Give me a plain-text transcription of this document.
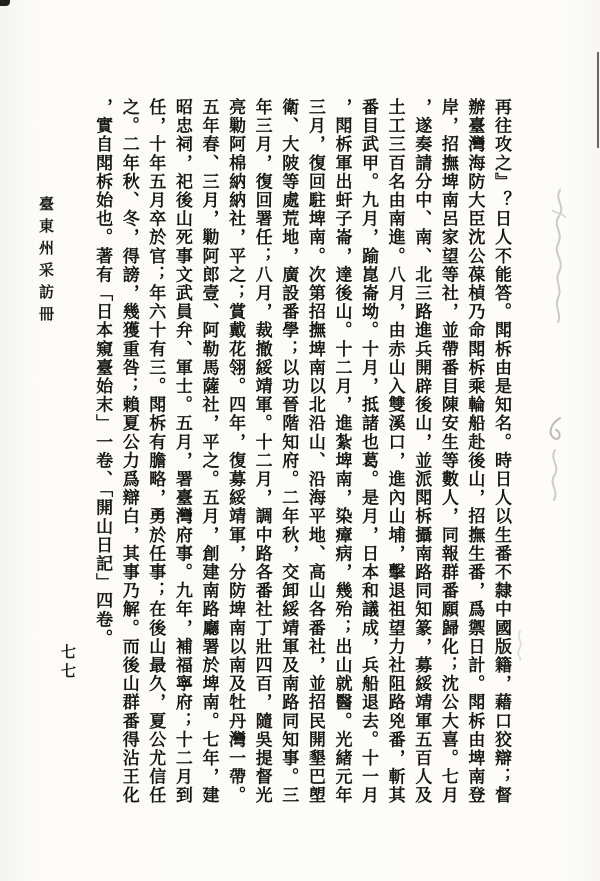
再往攻之』？日人不能答。閗柝由是知名。時日人以生番不隸中國版籍，藉口狡辯；督
辦臺灣海防大臣沈公葆楨乃命閗柝乘輪船赴後山，招撫生番，爲禦日計。閗柝由埤南登
岸，招撫埤南呂家望等社，並帶番目陳安生等數人，同報群番願歸化；沈公大喜。七月
，遂奏請分中、南、北三路進兵開辟後山，並派閗柝攝南路同知篆，募綏靖軍五百人及
土工三百名由南進。八月，由赤山入雙溪口，進內山埔，擊退祖望力社阻路兇番，斬其
番目武甲。九月，踰崑崙坳。十月，抵諸也葛。是月，日本和議成，兵船退去。十一月
，閗柝軍出虷子崙，達後山。十二月，進紮埤南，染瘴病，幾殆；出山就醫。光緒元年
三月，復回駐埤南。次第招撫埤南以北沿山、沿海平地、高山各番社，並招民開墾巴塱
衛、大陂等處荒地，廣設番學；以功晉階知府。二年秋，交卸綏靖軍及南路同知事。三
年三月，復回署任；八月，裁撤綏靖軍。十二月，調中路各番社丁壯四百，隨吳提督光
亮勦阿棉納納社，平之；賞戴花翎。四年，復募綏靖軍，分防埤南以南及牡丹灣一帶。
五年春、三月，勦阿郎壹、阿勒馬薩社，平之。五月，創建南路廳署於埤南。七年，建
昭忠祠，祀後山死事文武員弁、軍士。五月，署臺灣府事。九年，補福寧府；十二月到
任，十年五月卒於官；年六十有三。閗柝有膽略，勇於任事；在後山最久，夏公尤信任
之。二年秋、冬，得謗，幾獲重咎；賴夏公力爲辯白，其事乃解。而後山群番得沾王化
，實自閗柝始也。著有「日本窺臺始末」一卷、「開山日記」四卷。
臺東州采訪冊
七七
